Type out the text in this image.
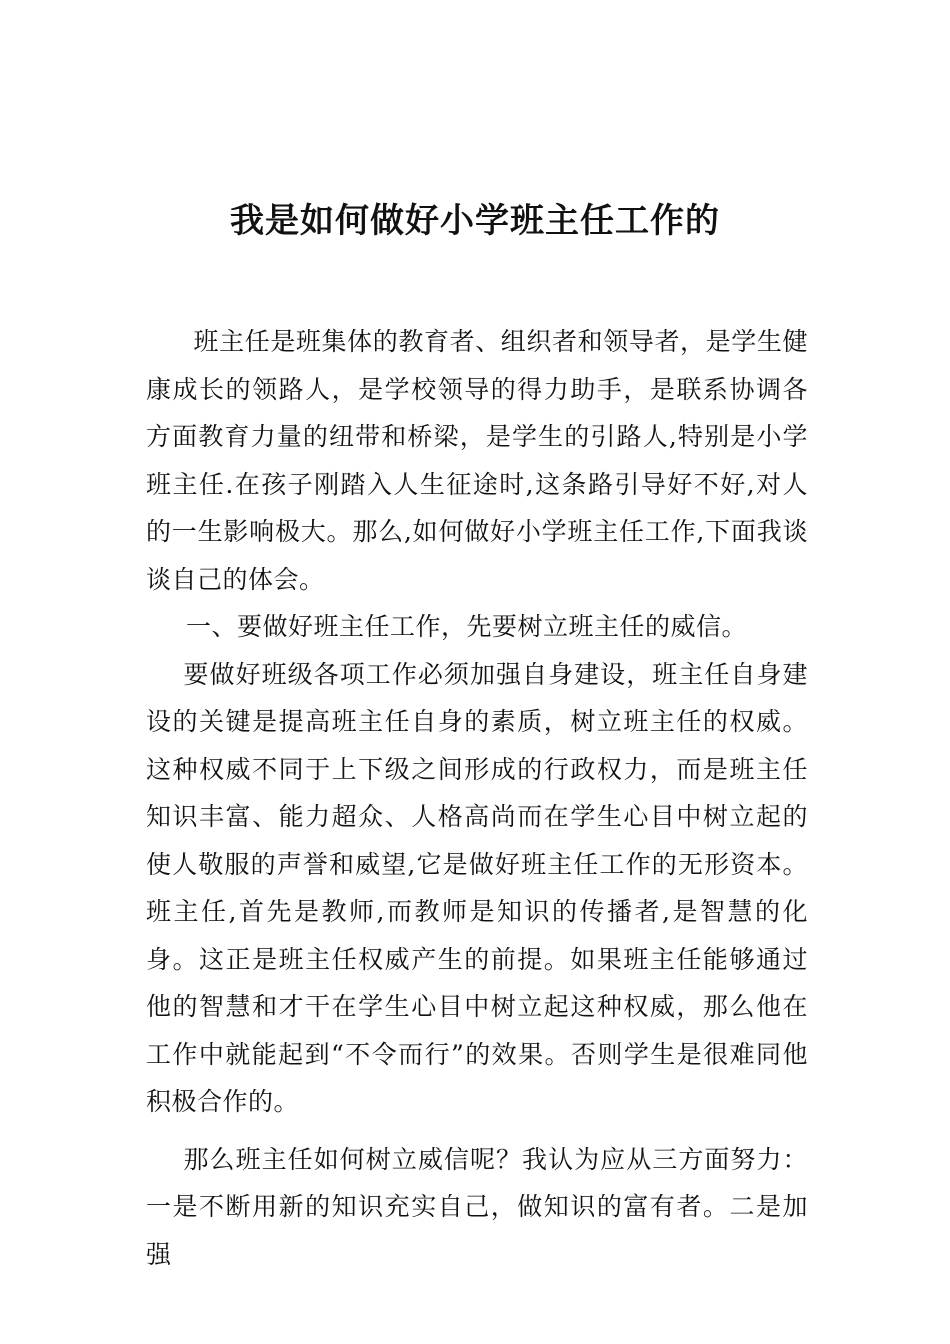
我是如何做好小学班主任工作的

班主任是班集体的教育者、组织者和领导者，是学生健康成长的领路人，是学校领导的得力助手，是联系协调各方面教育力量的纽带和桥梁，是学生的引路人,特别是小学班主任.在孩子刚踏入人生征途时,这条路引导好不好,对人的一生影响极大。那么,如何做好小学班主任工作,下面我谈谈自己的体会。

一、要做好班主任工作，先要树立班主任的威信。

要做好班级各项工作必须加强自身建设，班主任自身建设的关键是提高班主任自身的素质，树立班主任的权威。这种权威不同于上下级之间形成的行政权力，而是班主任知识丰富、能力超众、人格高尚而在学生心目中树立起的使人敬服的声誉和威望,它是做好班主任工作的无形资本。班主任,首先是教师,而教师是知识的传播者,是智慧的化身。这正是班主任权威产生的前提。如果班主任能够通过他的智慧和才干在学生心目中树立起这种权威，那么他在工作中就能起到“不令而行”的效果。否则学生是很难同他积极合作的。

那么班主任如何树立威信呢？我认为应从三方面努力：一是不断用新的知识充实自己，做知识的富有者。二是加强
